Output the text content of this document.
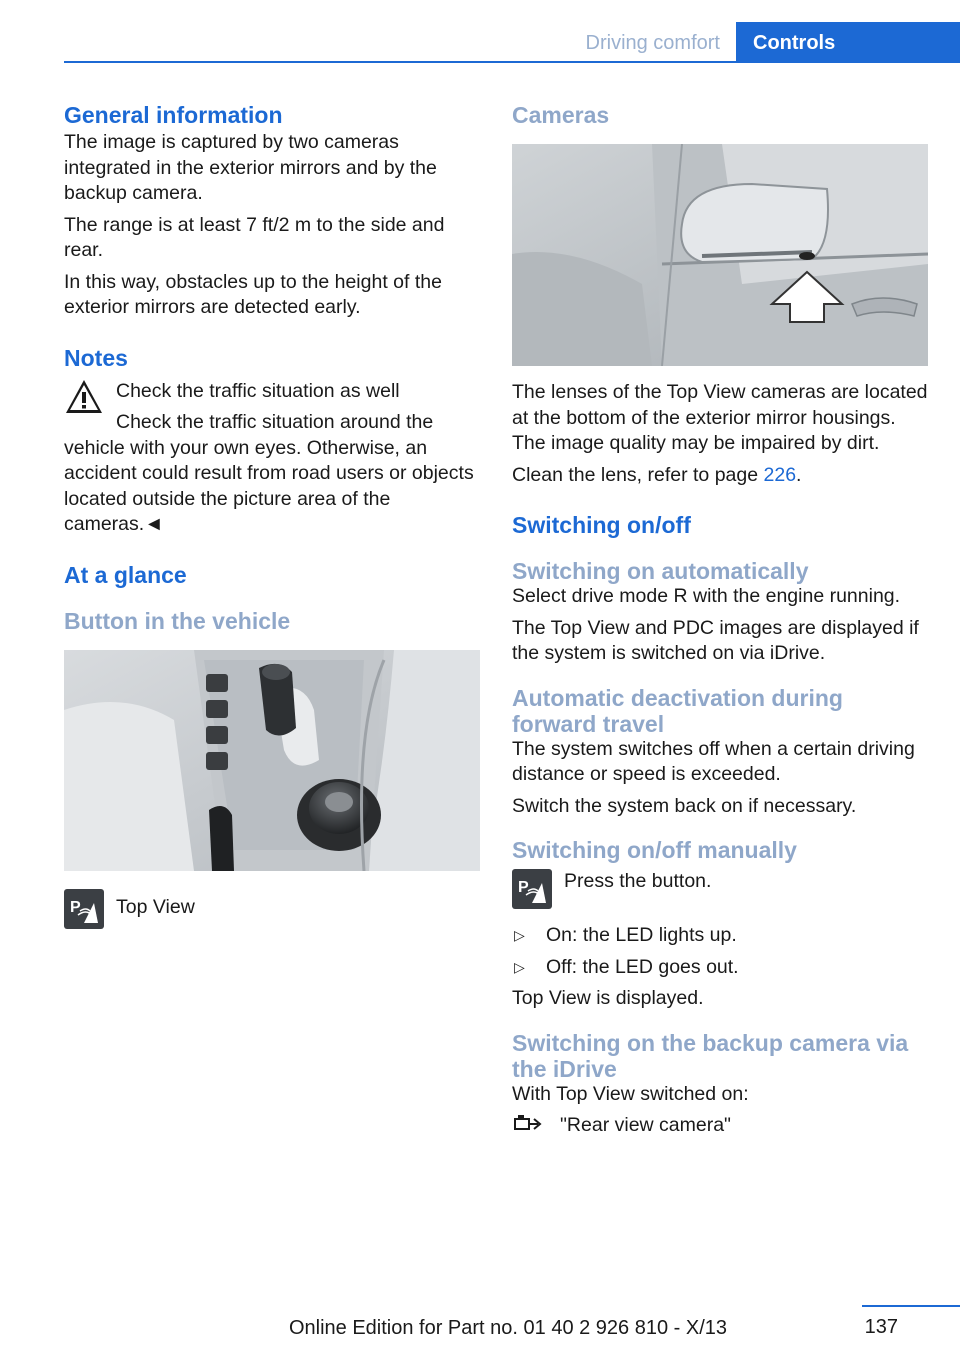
Driving comfort	Controls
General information

The image is captured by two cameras integrated in the exterior mirrors and by the backup camera.

The range is at least 7 ft/2 m to the side and rear.

In this way, obstacles up to the height of the exterior mirrors are detected early.

Notes

Check the traffic situation as well

Check the traffic situation around the vehicle with your own eyes. Otherwise, an accident could result from road users or objects located outside the picture area of the cameras.◄

At a glance
Button in the vehicle
P	Top View

Cameras

The lenses of the Top View cameras are located at the bottom of the exterior mirror housings. The image quality may be impaired by dirt.

Clean the lens, refer to page 226.

Switching on/off
Switching on automatically

Select drive mode R with the engine running.

The Top View and PDC images are displayed if the system is switched on via iDrive.

Automatic deactivation during forward travel

The system switches off when a certain driving distance or speed is exceeded.

Switch the system back on if necessary.

Switching on/off manually
P	Press the button.

▷ On: the LED lights up.
▷ Off: the LED goes out.

Top View is displayed.

Switching on the backup camera via the iDrive

With Top View switched on:

"Rear view camera"

137
Online Edition for Part no. 01 40 2 926 810 - X/13
